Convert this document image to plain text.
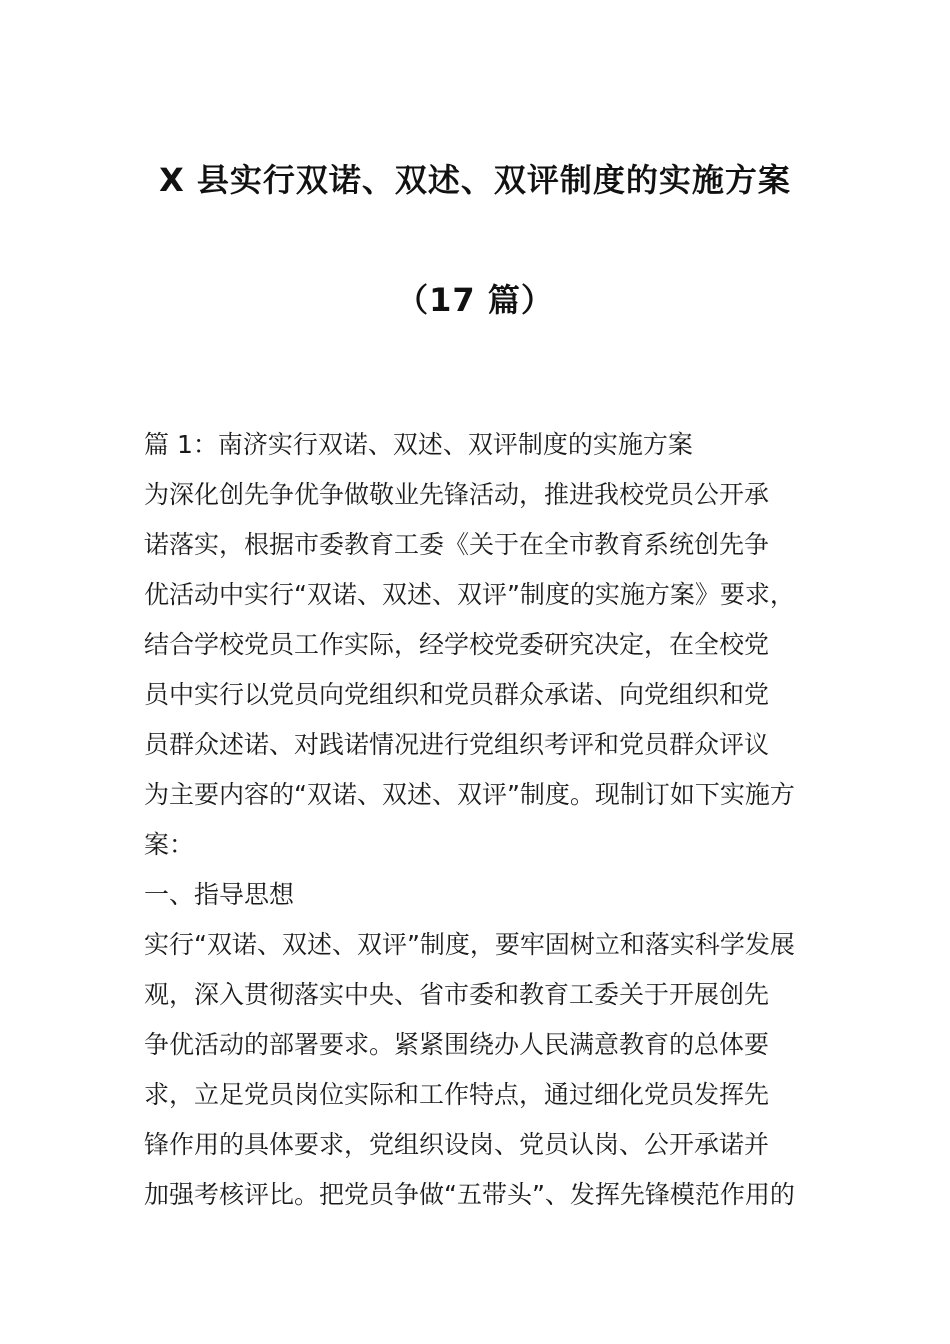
X 县实行双诺、双述、双评制度的实施方案
（17 篇）

篇 1：南济实行双诺、双述、双评制度的实施方案

为深化创先争优争做敬业先锋活动，推进我校党员公开承

诺落实，根据市委教育工委《关于在全市教育系统创先争

优活动中实行“双诺、双述、双评”制度的实施方案》要求，

结合学校党员工作实际，经学校党委研究决定，在全校党

员中实行以党员向党组织和党员群众承诺、向党组织和党

员群众述诺、对践诺情况进行党组织考评和党员群众评议

为主要内容的“双诺、双述、双评”制度。现制订如下实施方

案：

一、指导思想

实行“双诺、双述、双评”制度，要牢固树立和落实科学发展

观，深入贯彻落实中央、省市委和教育工委关于开展创先

争优活动的部署要求。紧紧围绕办人民满意教育的总体要

求，立足党员岗位实际和工作特点，通过细化党员发挥先

锋作用的具体要求，党组织设岗、党员认岗、公开承诺并

加强考核评比。把党员争做“五带头”、发挥先锋模范作用的
